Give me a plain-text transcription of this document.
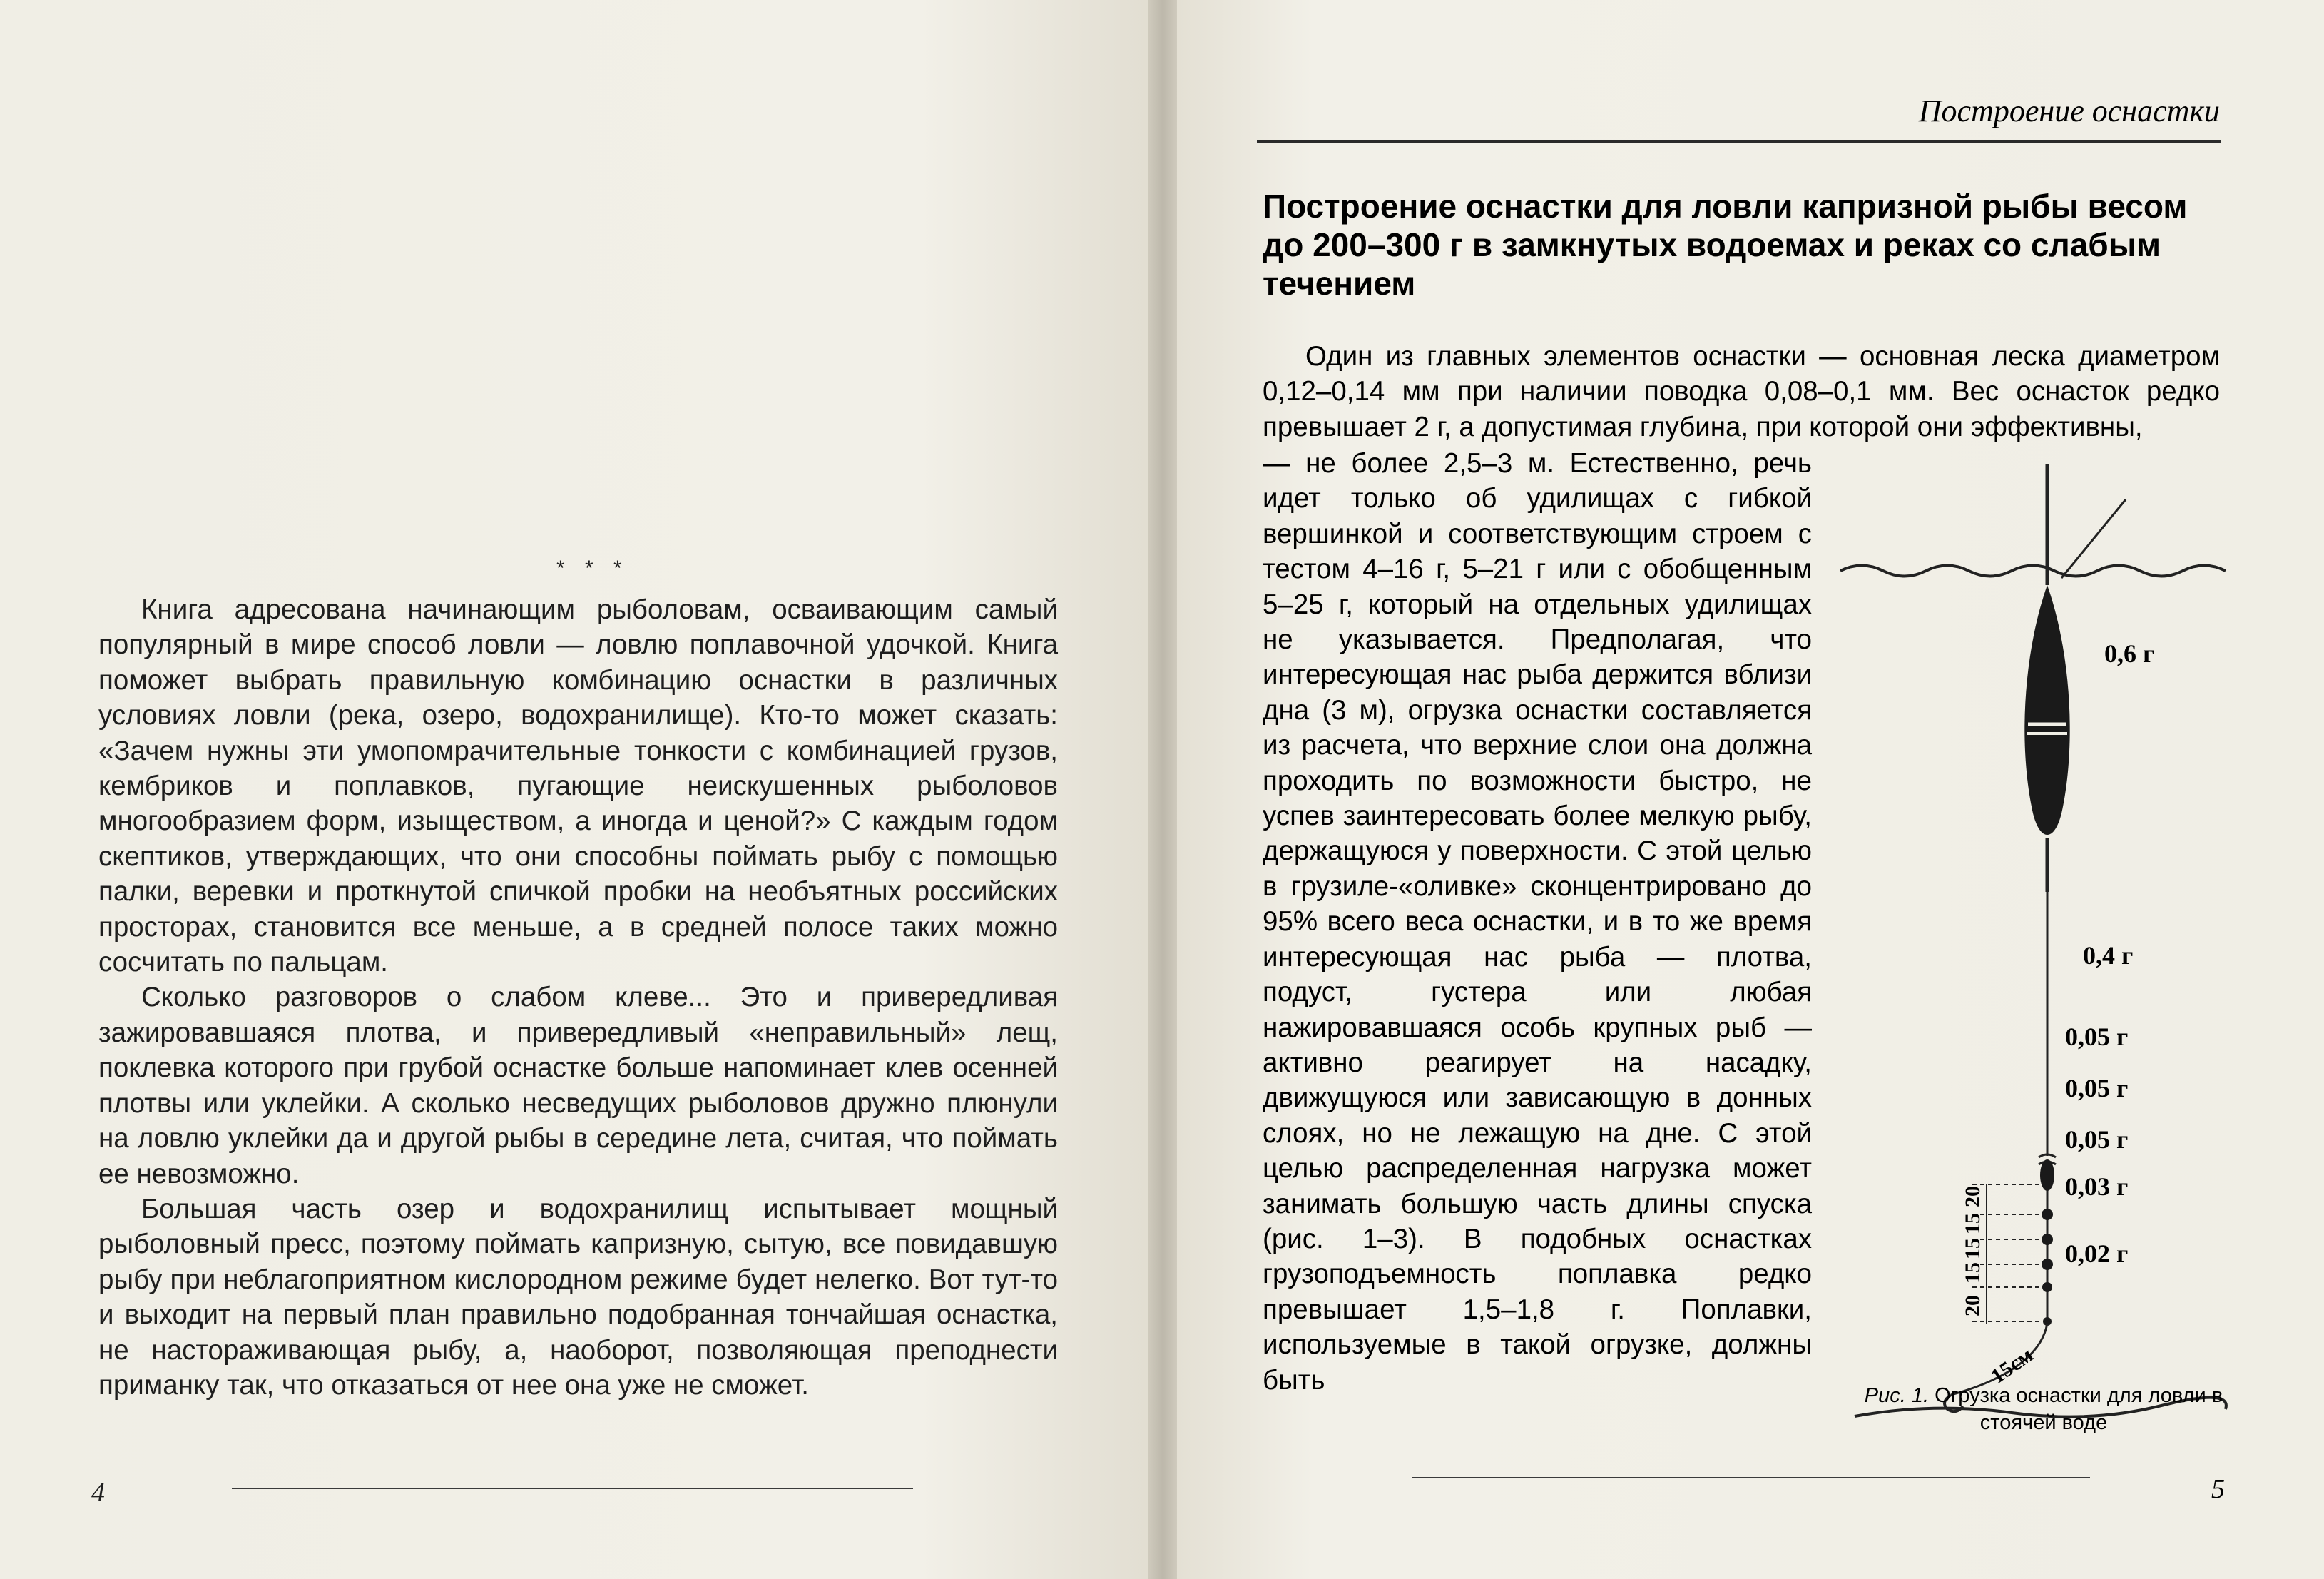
* * *

Книга адресована начинающим рыболовам, осваивающим самый популярный в мире способ ловли — ловлю поплавочной удочкой. Книга поможет выбрать правильную комбинацию оснастки в различных условиях ловли (река, озеро, водохранилище). Кто-то может сказать: «Зачем нужны эти умопомрачительные тонкости с комбинацией грузов, кембриков и поплавков, пугающие неискушенных рыболовов многообразием форм, изыществом, а иногда и ценой?» С каждым годом скептиков, утверждающих, что они способны поймать рыбу с помощью палки, веревки и проткнутой спичкой пробки на необъятных российских просторах, становится все меньше, а в средней полосе таких можно сосчитать по пальцам.

Сколько разговоров о слабом клеве... Это и привередливая зажировавшаяся плотва, и привередливый «неправильный» лещ, поклевка которого при грубой оснастке больше напоминает клев осенней плотвы или уклейки. А сколько несведущих рыболовов дружно плюнули на ловлю уклейки да и другой рыбы в середине лета, считая, что поймать ее невозможно.

Большая часть озер и водохранилищ испытывает мощный рыболовный пресс, поэтому поймать капризную, сытую, все повидавшую рыбу при неблагоприятном кислородном режиме будет нелегко. Вот тут-то и выходит на первый план правильно подобранная тончайшая оснастка, не настораживающая рыбу, а, наоборот, позволяющая преподнести приманку так, что отказаться от нее она уже не сможет.

4
Построение оснастки
Построение оснастки для ловли капризной рыбы весом до 200–300 г в замкнутых водоемах и реках со слабым течением

Один из главных элементов оснастки — основная леска диаметром 0,12–0,14 мм при наличии поводка 0,08–0,1 мм. Вес оснасток редко превышает 2 г, а допустимая глубина, при которой они эффективны,

— не более 2,5–3 м. Естественно, речь идет только об удилищах с гибкой вершинкой и соответствующим строем с тестом 4–16 г, 5–21 г или с обобщенным 5–25 г, который на отдельных удилищах не указывается. Предполагая, что интересующая нас рыба держится вблизи дна (3 м), огрузка оснастки составляется из расчета, что верхние слои она должна проходить по возможности быстро, не успев заинтересовать более мелкую рыбу, держащуюся у поверхности. С этой целью в грузиле-«оливке» сконцентрировано до 95% всего веса оснастки, и в то же время интересующая нас рыба — плотва, подуст, густера или любая нажировавшаяся особь крупных рыб — активно реагирует на насадку, движущуюся или зависающую в донных слоях, но не лежащую на дне. С этой целью распределенная нагрузка может занимать большую часть длины спуска (рис. 1–3). В подобных оснастках грузоподъемность поплавка редко превышает 1,5–1,8 г. Поплавки, используемые в такой огрузке, должны быть

20
15
15
15
20
15см
0,6 г
0,4 г
0,05 г
0,05 г
0,05 г
0,03 г
0,02 г
Рис. 1. Огрузка оснастки для ловли в стоячей воде
5
